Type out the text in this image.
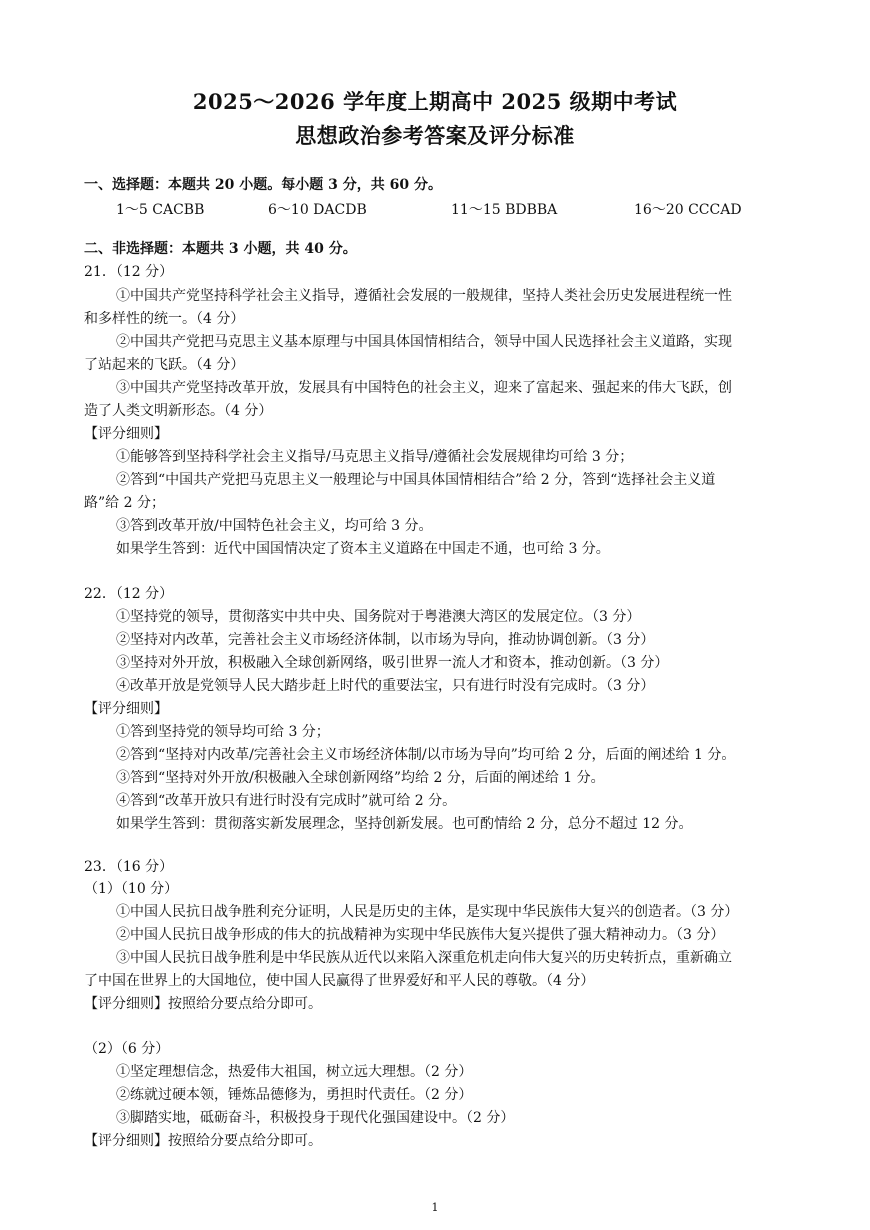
2025～2026 学年度上期高中 2025 级期中考试
思想政治参考答案及评分标准
一、选择题：本题共 20 小题。每小题 3 分，共 60 分。
1～5 CACBB	6～10 DACDB	11～15 BDBBA	16～20 CCCAD
二、非选择题：本题共 3 小题，共 40 分。
21．（12 分）
①中国共产党坚持科学社会主义指导，遵循社会发展的一般规律，坚持人类社会历史发展进程统一性
和多样性的统一。（4 分）
②中国共产党把马克思主义基本原理与中国具体国情相结合，领导中国人民选择社会主义道路，实现
了站起来的飞跃。（4 分）
③中国共产党坚持改革开放，发展具有中国特色的社会主义，迎来了富起来、强起来的伟大飞跃，创
造了人类文明新形态。（4 分）
【评分细则】
①能够答到坚持科学社会主义指导/马克思主义指导/遵循社会发展规律均可给 3 分；
②答到“中国共产党把马克思主义一般理论与中国具体国情相结合”给 2 分，答到“选择社会主义道
路”给 2 分；
③答到改革开放/中国特色社会主义，均可给 3 分。
如果学生答到：近代中国国情决定了资本主义道路在中国走不通，也可给 3 分。
22．（12 分）
①坚持党的领导，贯彻落实中共中央、国务院对于粤港澳大湾区的发展定位。（3 分）
②坚持对内改革，完善社会主义市场经济体制，以市场为导向，推动协调创新。（3 分）
③坚持对外开放，积极融入全球创新网络，吸引世界一流人才和资本，推动创新。（3 分）
④改革开放是党领导人民大踏步赶上时代的重要法宝，只有进行时没有完成时。（3 分）
【评分细则】
①答到坚持党的领导均可给 3 分；
②答到“坚持对内改革/完善社会主义市场经济体制/以市场为导向”均可给 2 分，后面的阐述给 1 分。
③答到“坚持对外开放/积极融入全球创新网络”均给 2 分，后面的阐述给 1 分。
④答到“改革开放只有进行时没有完成时”就可给 2 分。
如果学生答到：贯彻落实新发展理念，坚持创新发展。也可酌情给 2 分，总分不超过 12 分。
23．（16 分）
（1）（10 分）
①中国人民抗日战争胜利充分证明，人民是历史的主体，是实现中华民族伟大复兴的创造者。（3 分）
②中国人民抗日战争形成的伟大的抗战精神为实现中华民族伟大复兴提供了强大精神动力。（3 分）
③中国人民抗日战争胜利是中华民族从近代以来陷入深重危机走向伟大复兴的历史转折点，重新确立
了中国在世界上的大国地位，使中国人民赢得了世界爱好和平人民的尊敬。（4 分）
【评分细则】按照给分要点给分即可。
（2）（6 分）
①坚定理想信念，热爱伟大祖国，树立远大理想。（2 分）
②练就过硬本领，锤炼品德修为，勇担时代责任。（2 分）
③脚踏实地，砥砺奋斗，积极投身于现代化强国建设中。（2 分）
【评分细则】按照给分要点给分即可。
1
